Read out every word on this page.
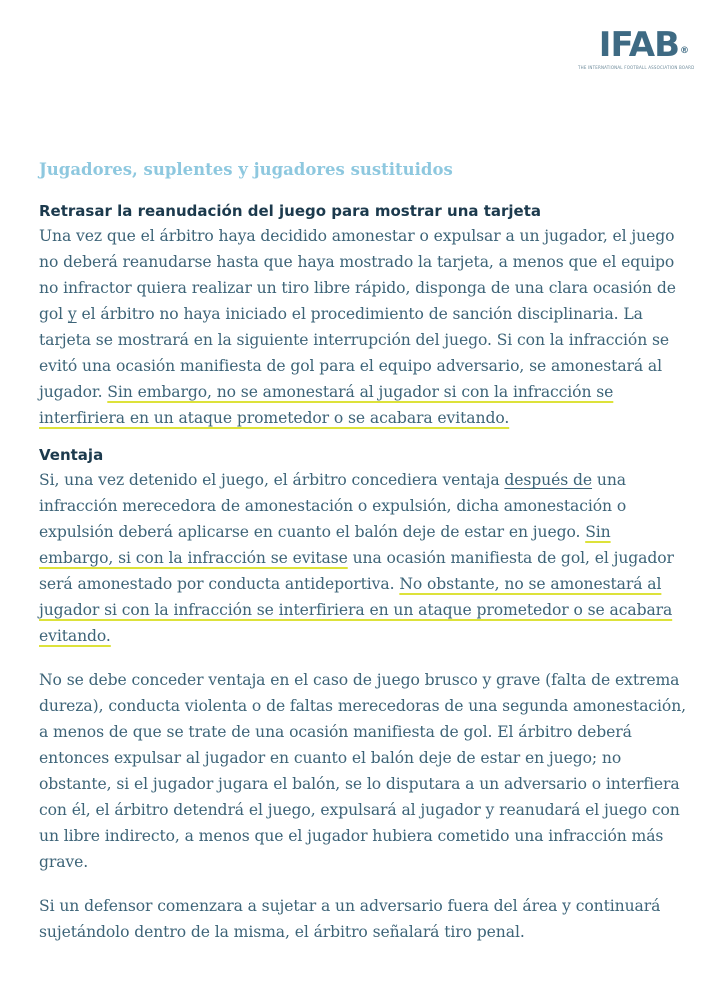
IFAB®
THE INTERNATIONAL FOOTBALL ASSOCIATION BOARD
Jugadores, suplentes y jugadores sustituidos
Retrasar la reanudación del juego para mostrar una tarjeta

Una vez que el árbitro haya decidido amonestar o expulsar a un jugador, el juego no deberá reanudarse hasta que haya mostrado la tarjeta, a menos que el equipo no infractor quiera realizar un tiro libre rápido, disponga de una clara ocasión de gol y el árbitro no haya iniciado el procedimiento de sanción disciplinaria. La tarjeta se mostrará en la siguiente interrupción del juego. Si con la infracción se evitó una ocasión manifiesta de gol para el equipo adversario, se amonestará al jugador. Sin embargo, no se amonestará al jugador si con la infracción se interfiriera en un ataque prometedor o se acabara evitando.

Ventaja

Si, una vez detenido el juego, el árbitro concediera ventaja después de una infracción merecedora de amonestación o expulsión, dicha amonestación o expulsión deberá aplicarse en cuanto el balón deje de estar en juego. Sin embargo, si con la infracción se evitase una ocasión manifiesta de gol, el jugador será amonestado por conducta antideportiva. No obstante, no se amonestará al jugador si con la infracción se interfiriera en un ataque prometedor o se acabara evitando.

No se debe conceder ventaja en el caso de juego brusco y grave (falta de extrema dureza), conducta violenta o de faltas merecedoras de una segunda amonestación, a menos de que se trate de una ocasión manifiesta de gol. El árbitro deberá entonces expulsar al jugador en cuanto el balón deje de estar en juego; no obstante, si el jugador jugara el balón, se lo disputara a un adversario o interfiera con él, el árbitro detendrá el juego, expulsará al jugador y reanudará el juego con un libre indirecto, a menos que el jugador hubiera cometido una infracción más grave.

Si un defensor comenzara a sujetar a un adversario fuera del área y continuará sujetándolo dentro de la misma, el árbitro señalará tiro penal.
